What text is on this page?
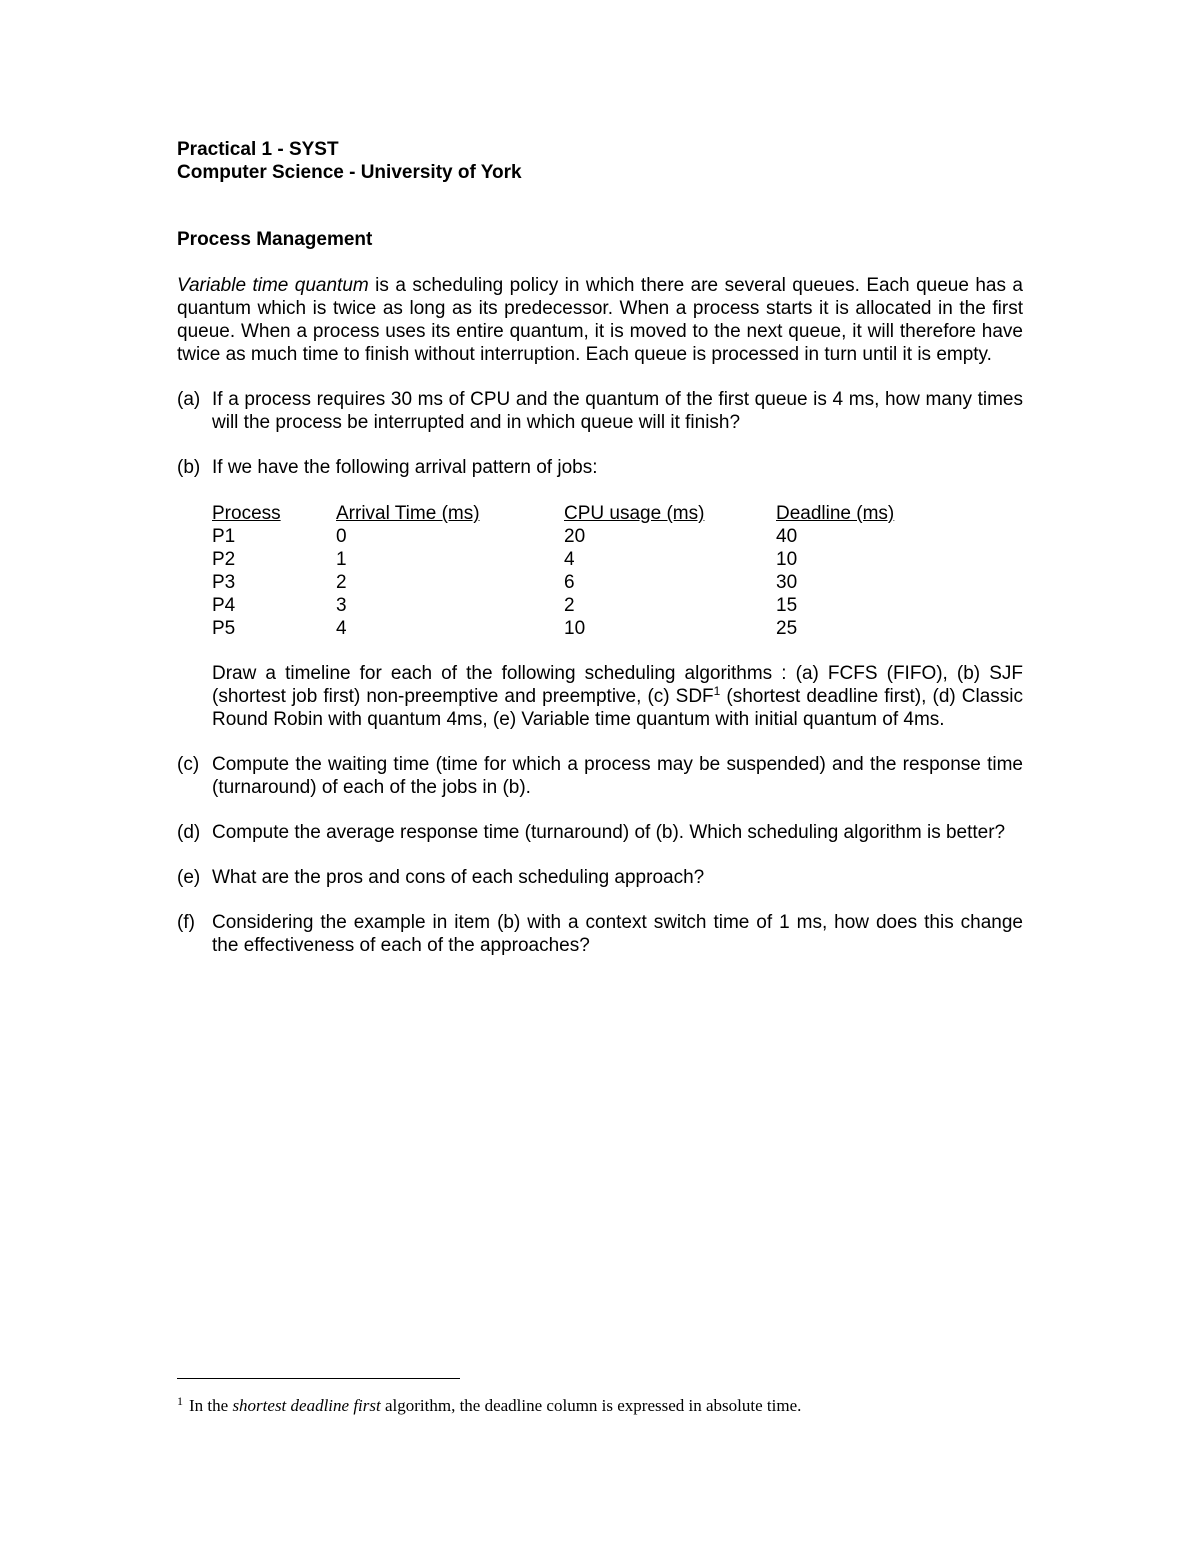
Practical 1 - SYST

Computer Science - University of York

Process Management

Variable time quantum is a scheduling policy in which there are several queues. Each queue has a quantum which is twice as long as its predecessor. When a process starts it is allocated in the first queue. When a process uses its entire quantum, it is moved to the next queue, it will therefore have twice as much time to finish without interruption. Each queue is processed in turn until it is empty.

(a) If a process requires 30 ms of CPU and the quantum of the first queue is 4 ms, how many times will the process be interrupted and in which queue will it finish?
(b) If we have the following arrival pattern of jobs:
Process	Arrival Time (ms)	CPU usage (ms)	Deadline (ms)
P1	0	20	40
P2	1	4	10
P3	2	6	30
P4	3	2	15
P5	4	10	25

Draw a timeline for each of the following scheduling algorithms : (a) FCFS (FIFO), (b) SJF (shortest job first) non-preemptive and preemptive, (c) SDF$^1$ (shortest deadline first), (d) Classic Round Robin with quantum 4ms, (e) Variable time quantum with initial quantum of 4ms.

(c) Compute the waiting time (time for which a process may be suspended) and the response time (turnaround) of each of the jobs in (b).
(d) Compute the average response time (turnaround) of (b). Which scheduling algorithm is better?
(e) What are the pros and cons of each scheduling approach?
(f) Considering the example in item (b) with a context switch time of 1 ms, how does this change the effectiveness of each of the approaches?
$^1$ In the shortest deadline first algorithm, the deadline column is expressed in absolute time.
